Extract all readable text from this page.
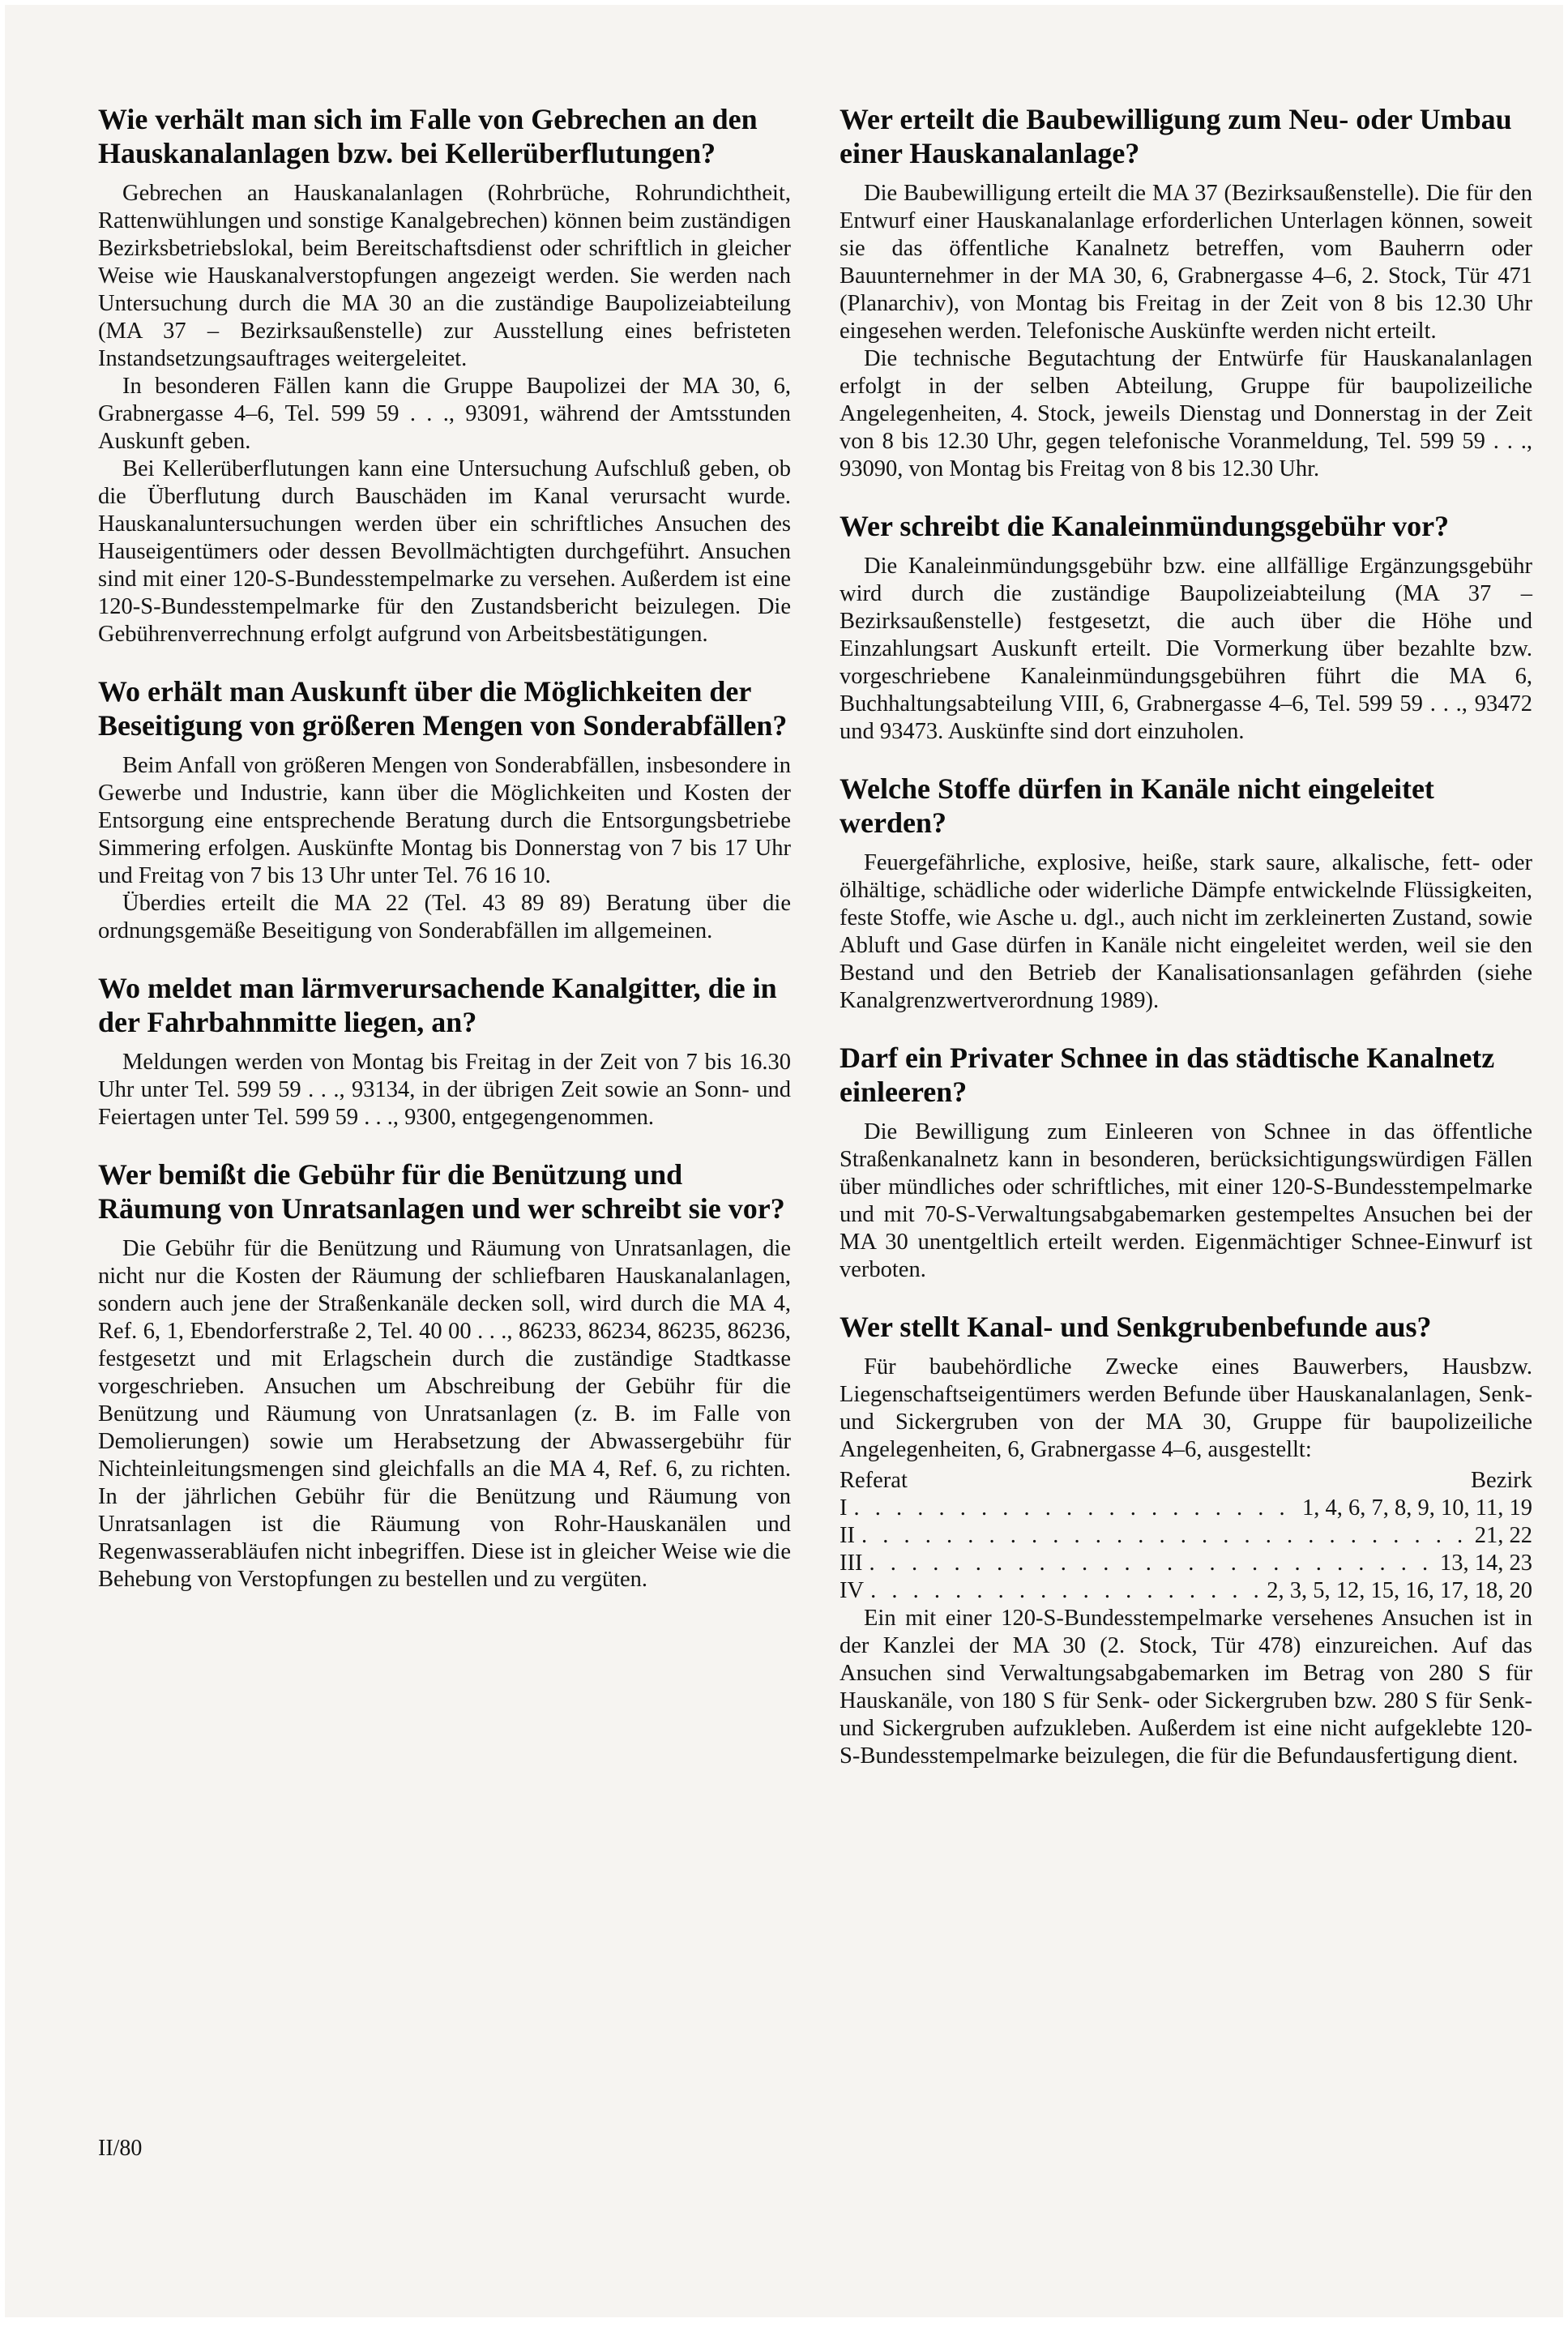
Wie verhält man sich im Falle von Gebrechen an den Hauskanalanlagen bzw. bei Kellerüberflutungen?

Gebrechen an Hauskanalanlagen (Rohrbrüche, Rohrundichtheit, Rattenwühlungen und sonstige Kanalgebrechen) können beim zuständigen Bezirksbetriebslokal, beim Bereitschaftsdienst oder schriftlich in gleicher Weise wie Hauskanalverstopfungen angezeigt werden. Sie werden nach Untersuchung durch die MA 30 an die zuständige Baupolizeiabteilung (MA 37 – Bezirksaußenstelle) zur Ausstellung eines befristeten Instandsetzungsauftrages weitergeleitet.

In besonderen Fällen kann die Gruppe Baupolizei der MA 30, 6, Grabnergasse 4–6, Tel. 599 59 . . ., 93091, während der Amtsstunden Auskunft geben.

Bei Kellerüberflutungen kann eine Untersuchung Aufschluß geben, ob die Überflutung durch Bauschäden im Kanal verursacht wurde. Hauskanaluntersuchungen werden über ein schriftliches Ansuchen des Hauseigentümers oder dessen Bevollmächtigten durchgeführt. Ansuchen sind mit einer 120-S-Bundesstempelmarke zu versehen. Außerdem ist eine 120-S-Bundesstempelmarke für den Zustandsbericht beizulegen. Die Gebührenverrechnung erfolgt aufgrund von Arbeitsbestätigungen.

Wo erhält man Auskunft über die Möglichkeiten der Beseitigung von größeren Mengen von Sonderabfällen?

Beim Anfall von größeren Mengen von Sonderabfällen, insbesondere in Gewerbe und Industrie, kann über die Möglichkeiten und Kosten der Entsorgung eine entsprechende Beratung durch die Entsorgungsbetriebe Simmering erfolgen. Auskünfte Montag bis Donnerstag von 7 bis 17 Uhr und Freitag von 7 bis 13 Uhr unter Tel. 76 16 10.

Überdies erteilt die MA 22 (Tel. 43 89 89) Beratung über die ordnungsgemäße Beseitigung von Sonderabfällen im allgemeinen.

Wo meldet man lärmverursachende Kanalgitter, die in der Fahrbahnmitte liegen, an?

Meldungen werden von Montag bis Freitag in der Zeit von 7 bis 16.30 Uhr unter Tel. 599 59 . . ., 93134, in der übrigen Zeit sowie an Sonn- und Feiertagen unter Tel. 599 59 . . ., 9300, entgegengenommen.

Wer bemißt die Gebühr für die Benützung und Räumung von Unratsanlagen und wer schreibt sie vor?

Die Gebühr für die Benützung und Räumung von Unratsanlagen, die nicht nur die Kosten der Räumung der schliefbaren Hauskanalanlagen, sondern auch jene der Straßenkanäle decken soll, wird durch die MA 4, Ref. 6, 1, Ebendorferstraße 2, Tel. 40 00 . . ., 86233, 86234, 86235, 86236, festgesetzt und mit Erlagschein durch die zuständige Stadtkasse vorgeschrieben. Ansuchen um Abschreibung der Gebühr für die Benützung und Räumung von Unratsanlagen (z. B. im Falle von Demolierungen) sowie um Herabsetzung der Abwassergebühr für Nichteinleitungsmengen sind gleichfalls an die MA 4, Ref. 6, zu richten. In der jährlichen Gebühr für die Benützung und Räumung von Unratsanlagen ist die Räumung von Rohr-Hauskanälen und Regenwasserabläufen nicht inbegriffen. Diese ist in gleicher Weise wie die Behebung von Verstopfungen zu bestellen und zu vergüten.

Wer erteilt die Baubewilligung zum Neu- oder Umbau einer Hauskanalanlage?

Die Baubewilligung erteilt die MA 37 (Bezirksaußenstelle). Die für den Entwurf einer Hauskanalanlage erforderlichen Unterlagen können, soweit sie das öffentliche Kanalnetz betreffen, vom Bauherrn oder Bauunternehmer in der MA 30, 6, Grabnergasse 4–6, 2. Stock, Tür 471 (Planarchiv), von Montag bis Freitag in der Zeit von 8 bis 12.30 Uhr eingesehen werden. Telefonische Auskünfte werden nicht erteilt.

Die technische Begutachtung der Entwürfe für Hauskanalanlagen erfolgt in der selben Abteilung, Gruppe für baupolizeiliche Angelegenheiten, 4. Stock, jeweils Dienstag und Donnerstag in der Zeit von 8 bis 12.30 Uhr, gegen telefonische Voranmeldung, Tel. 599 59 . . ., 93090, von Montag bis Freitag von 8 bis 12.30 Uhr.

Wer schreibt die Kanaleinmündungsgebühr vor?

Die Kanaleinmündungsgebühr bzw. eine allfällige Ergänzungsgebühr wird durch die zuständige Baupolizeiabteilung (MA 37 – Bezirksaußenstelle) festgesetzt, die auch über die Höhe und Einzahlungsart Auskunft erteilt. Die Vormerkung über bezahlte bzw. vorgeschriebene Kanaleinmündungsgebühren führt die MA 6, Buchhaltungsabteilung VIII, 6, Grabnergasse 4–6, Tel. 599 59 . . ., 93472 und 93473. Auskünfte sind dort einzuholen.

Welche Stoffe dürfen in Kanäle nicht eingeleitet werden?

Feuergefährliche, explosive, heiße, stark saure, alkalische, fett- oder ölhältige, schädliche oder widerliche Dämpfe entwickelnde Flüssigkeiten, feste Stoffe, wie Asche u. dgl., auch nicht im zerkleinerten Zustand, sowie Abluft und Gase dürfen in Kanäle nicht eingeleitet werden, weil sie den Bestand und den Betrieb der Kanalisationsanlagen gefährden (siehe Kanalgrenzwertverordnung 1989).

Darf ein Privater Schnee in das städtische Kanalnetz einleeren?

Die Bewilligung zum Einleeren von Schnee in das öffentliche Straßenkanalnetz kann in besonderen, berücksichtigungswürdigen Fällen über mündliches oder schriftliches, mit einer 120-S-Bundesstempelmarke und mit 70-S-Verwaltungsabgabemarken gestempeltes Ansuchen bei der MA 30 unentgeltlich erteilt werden. Eigenmächtiger Schnee-Einwurf ist verboten.

Wer stellt Kanal- und Senkgrubenbefunde aus?

Für baubehördliche Zwecke eines Bauwerbers, Hausbzw. Liegenschaftseigentümers werden Befunde über Hauskanalanlagen, Senk- und Sickergruben von der MA 30, Gruppe für baupolizeiliche Angelegenheiten, 6, Grabnergasse 4–6, ausgestellt:

Referat	Bezirk
I . . .	1, 4, 6, 7, 8, 9, 10, 11, 19
II . . .	21, 22
III . . .	13, 14, 23
IV . . .	2, 3, 5, 12, 15, 16, 17, 18, 20

Ein mit einer 120-S-Bundesstempelmarke versehenes Ansuchen ist in der Kanzlei der MA 30 (2. Stock, Tür 478) einzureichen. Auf das Ansuchen sind Verwaltungsabgabemarken im Betrag von 280 S für Hauskanäle, von 180 S für Senk- oder Sickergruben bzw. 280 S für Senk- und Sickergruben aufzukleben. Außerdem ist eine nicht aufgeklebte 120-S-Bundesstempelmarke beizulegen, die für die Befundausfertigung dient.

II/80
